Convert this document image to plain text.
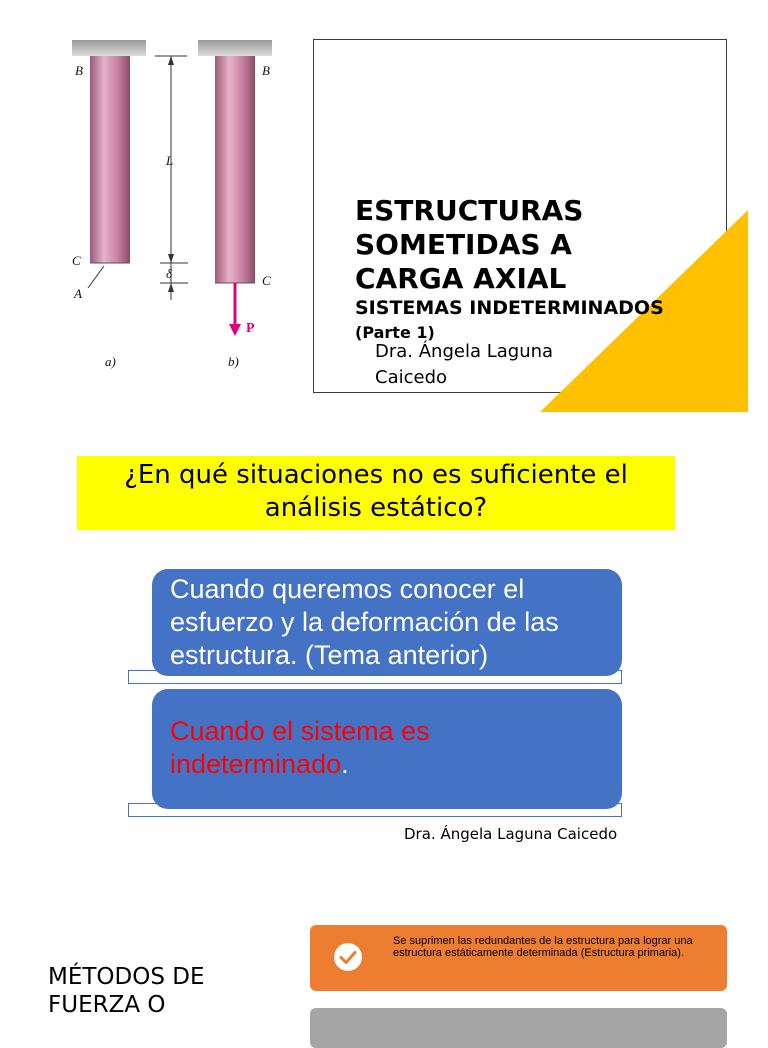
B	B
C
C
A
L
δ
a)	b)
P
ESTRUCTURAS
SOMETIDAS A
CARGA AXIAL
SISTEMAS INDETERMINADOS (Parte 1)
Dra. Ángela Laguna Caicedo
¿En qué situaciones no es suficiente el análisis estático?
Cuando queremos conocer el esfuerzo y la deformación de las estructura. (Tema anterior)
Cuando el sistema es indeterminado.
Dra. Ángela Laguna Caicedo
MÉTODOS DE FUERZA O
Se suprimen las redundantes de la estructura para lograr una estructura estáticamente determinada (Estructura primaria).
